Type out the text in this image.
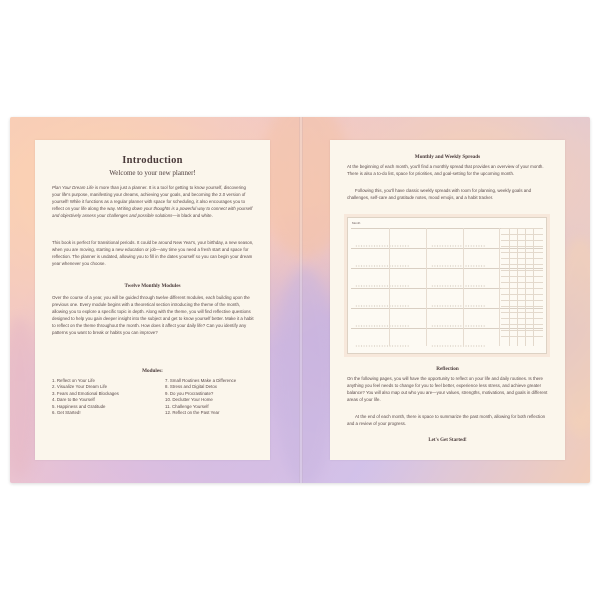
Introduction
Welcome to your new planner!

Plan Your Dream Life is more than just a planner. It is a tool for getting to know yourself, discovering your life's purpose, manifesting your dreams, achieving your goals, and becoming the 2.0 version of yourself! While it functions as a regular planner with space for scheduling, it also encourages you to reflect on your life along the way. Writing down your thoughts is a powerful way to connect with yourself and objectively assess your challenges and possible solutions—in black and white.

This book is perfect for transitional periods. It could be around New Year's, your birthday, a new season, when you are moving, starting a new education or job—any time you need a fresh start and space for reflection. The planner is undated, allowing you to fill in the dates yourself so you can begin your dream year whenever you choose.

Twelve Monthly Modules

Over the course of a year, you will be guided through twelve different modules, each building upon the previous one. Every module begins with a theoretical section introducing the theme of the month, allowing you to explore a specific topic in depth. Along with the theme, you will find reflective questions designed to help you gain deeper insight into the subject and get to know yourself better. Make it a habit to reflect on the theme throughout the month. How does it affect your daily life? Can you identify any patterns you want to break or habits you can improve?

Modules:
1. Reflect on Your Life
2. Visualize Your Dream Life
3. Fears and Emotional Blockages
4. Dare to Be Yourself
5. Happiness and Gratitude
6. Get Started!
7. Small Routines Make a Difference
8. Stress and Digital Detox
9. Do you Procrastinate?
10. Declutter Your Home
11. Challenge Yourself
12. Reflect on the Past Year
Monthly and Weekly Spreads

At the beginning of each month, you'll find a monthly spread that provides an overview of your month. There is also a to-do list, space for priorities, and goal-setting for the upcoming month.

Following this, you'll have classic weekly spreads with room for planning, weekly goals and challenges, self-care and gratitude notes, mood emojis, and a habit tracker.

Month
Reflection

On the following pages, you will have the opportunity to reflect on your life and daily routines. Is there anything you feel needs to change for you to feel better, experience less stress, and achieve greater balance? You will also map out who you are—your values, strengths, motivations, and goals in different areas of your life.

At the end of each month, there is space to summarize the past month, allowing for both reflection and a review of your progress.

Let's Get Started!
